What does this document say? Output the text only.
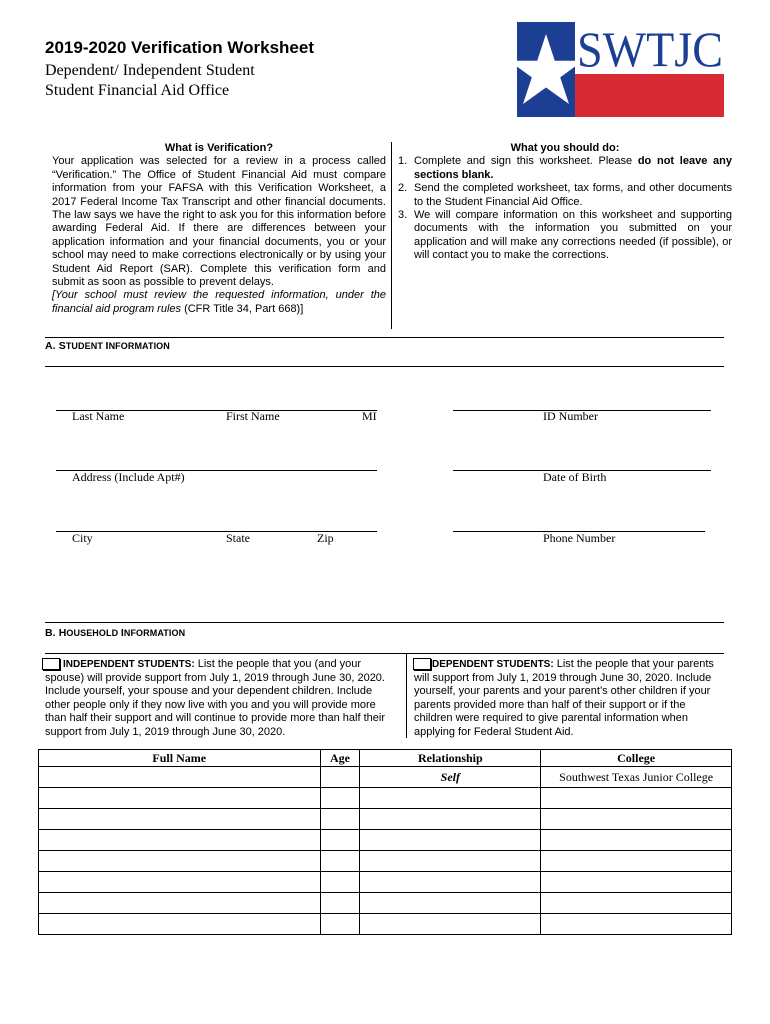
2019-2020 Verification Worksheet
Dependent/ Independent Student
Student Financial Aid Office
SWTJC
What is Verification?
Your application was selected for a review in a process called “Verification.” The Office of Student Financial Aid must compare information from your FAFSA with this Verification Worksheet, a 2017 Federal Income Tax Transcript and other financial documents. The law says we have the right to ask you for this information before awarding Federal Aid. If there are differences between your application information and your financial documents, you or your school may need to make corrections electronically or by using your Student Aid Report (SAR). Complete this verification form and submit as soon as possible to prevent delays.
[Your school must review the requested information, under the financial aid program rules (CFR Title 34, Part 668)]
What you should do:
1. Complete and sign this worksheet. Please do not leave any sections blank.
2. Send the completed worksheet, tax forms, and other documents to the Student Financial Aid Office.
3. We will compare information on this worksheet and supporting documents with the information you submitted on your application and will make any corrections needed (if possible), or will contact you to make the corrections.
A. STUDENT INFORMATION
Last Name	First Name	MI	ID Number
Address (Include Apt#)	Date of Birth
City	State	Zip	Phone Number
B. HOUSEHOLD INFORMATION
INDEPENDENT STUDENTS: List the people that you (and your spouse) will provide support from July 1, 2019 through June 30, 2020. Include yourself, your spouse and your dependent children. Include other people only if they now live with you and you will provide more than half their support and will continue to provide more than half their support from July 1, 2019 through June 30, 2020.
DEPENDENT STUDENTS: List the people that your parents will support from July 1, 2019 through June 30, 2020. Include yourself, your parents and your parent’s other children if your parents provided more than half of their support or if the children were required to give parental information when applying for Federal Student Aid.
Full Name	Age	Relationship	College
		Self	Southwest Texas Junior College
